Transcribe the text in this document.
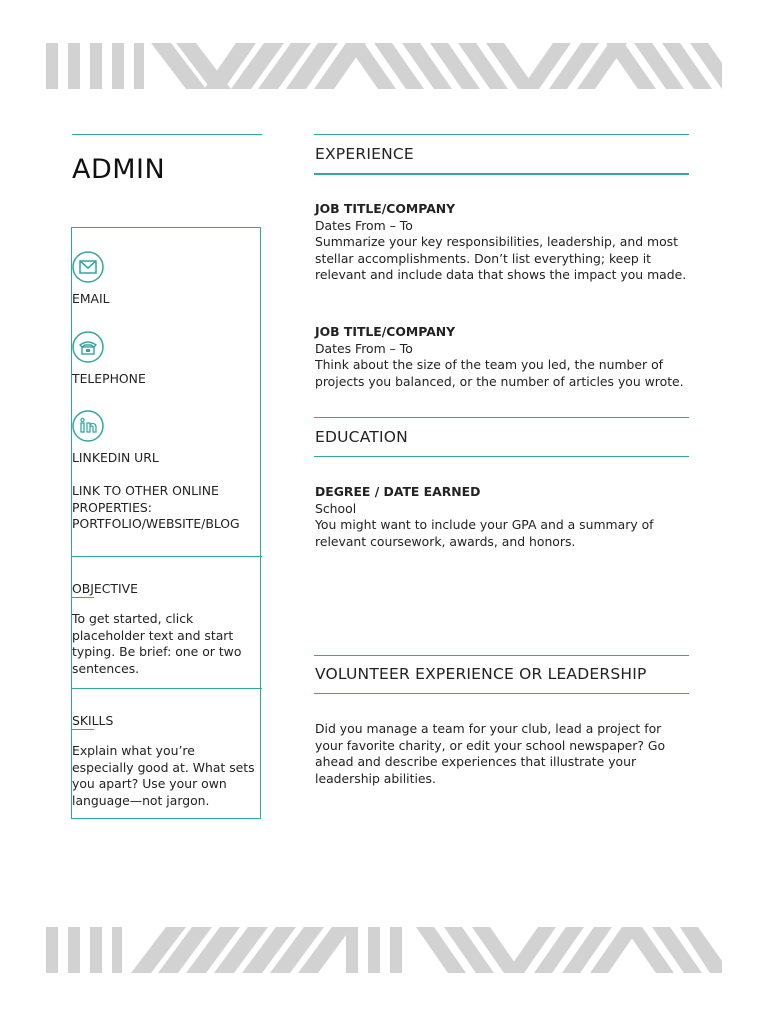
ADMIN
EMAIL
TELEPHONE
LINKEDIN URL
LINK TO OTHER ONLINE PROPERTIES: PORTFOLIO/WEBSITE/BLOG
OBJECTIVE
To get started, click placeholder text and start typing. Be brief: one or two sentences.
SKILLS
Explain what you’re especially good at. What sets you apart? Use your own language—not jargon.
EXPERIENCE
JOB TITLE/COMPANY
Dates From – To
Summarize your key responsibilities, leadership, and most stellar accomplishments. Don’t list everything; keep it relevant and include data that shows the impact you made.
JOB TITLE/COMPANY
Dates From – To
Think about the size of the team you led, the number of projects you balanced, or the number of articles you wrote.
EDUCATION
DEGREE / DATE EARNED
School
You might want to include your GPA and a summary of relevant coursework, awards, and honors.
VOLUNTEER EXPERIENCE OR LEADERSHIP
Did you manage a team for your club, lead a project for your favorite charity, or edit your school newspaper? Go ahead and describe experiences that illustrate your leadership abilities.
